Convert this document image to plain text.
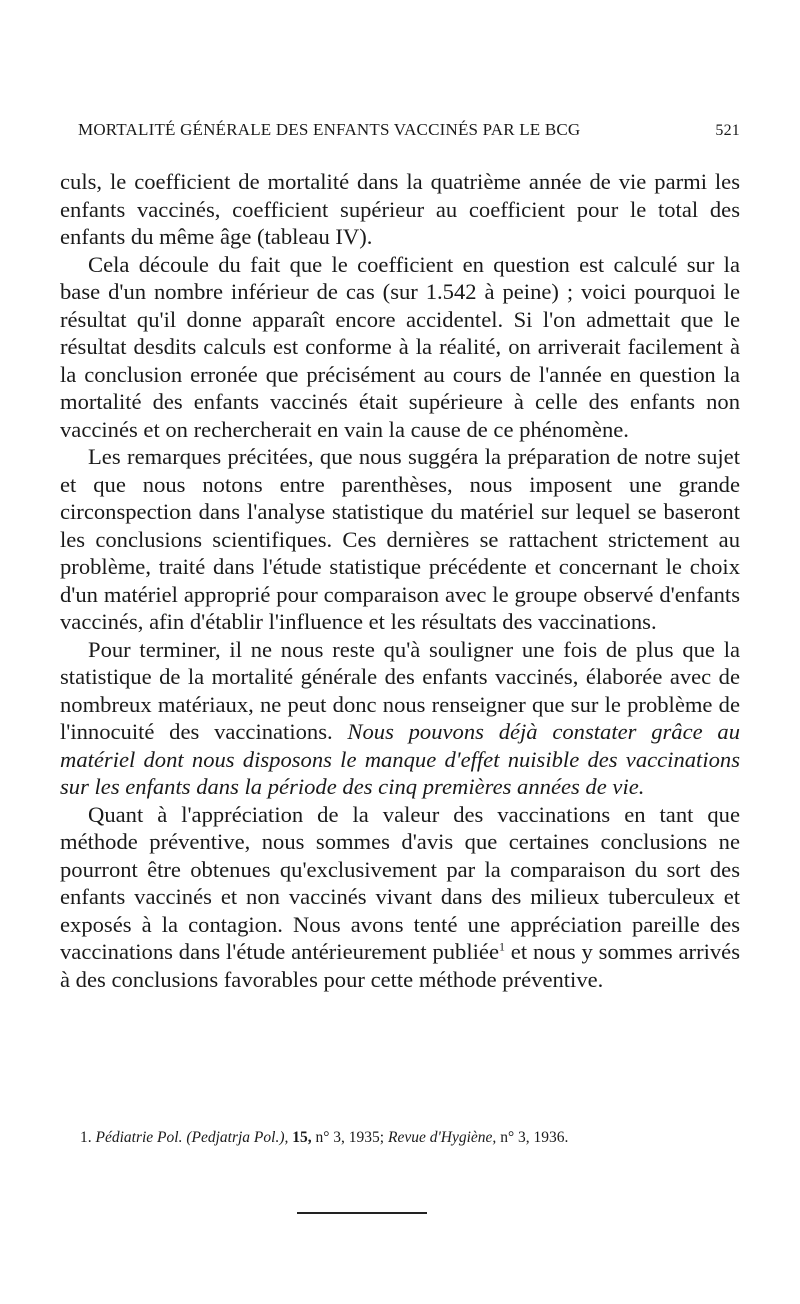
MORTALITÉ GÉNÉRALE DES ENFANTS VACCINÉS PAR LE BCG	521

culs, le coefficient de mortalité dans la quatrième année de vie parmi les enfants vaccinés, coefficient supérieur au coefficient pour le total des enfants du même âge (tableau IV).

Cela découle du fait que le coefficient en question est calculé sur la base d'un nombre inférieur de cas (sur 1.542 à peine) ; voici pourquoi le résultat qu'il donne apparaît encore accidentel. Si l'on admettait que le résultat desdits calculs est conforme à la réalité, on arriverait facilement à la conclusion erronée que précisément au cours de l'année en question la mortalité des enfants vaccinés était supérieure à celle des enfants non vaccinés et on rechercherait en vain la cause de ce phénomène.

Les remarques précitées, que nous suggéra la préparation de notre sujet et que nous notons entre parenthèses, nous imposent une grande circonspection dans l'analyse statistique du matériel sur lequel se baseront les conclusions scientifiques. Ces dernières se rattachent strictement au problème, traité dans l'étude statistique précédente et concernant le choix d'un matériel approprié pour comparaison avec le groupe observé d'enfants vaccinés, afin d'établir l'influence et les résultats des vaccinations.

Pour terminer, il ne nous reste qu'à souligner une fois de plus que la statistique de la mortalité générale des enfants vaccinés, élaborée avec de nombreux matériaux, ne peut donc nous renseigner que sur le problème de l'innocuité des vaccinations. Nous pouvons déjà constater grâce au matériel dont nous disposons le manque d'effet nuisible des vaccinations sur les enfants dans la période des cinq premières années de vie.

Quant à l'appréciation de la valeur des vaccinations en tant que méthode préventive, nous sommes d'avis que certaines conclusions ne pourront être obtenues qu'exclusivement par la comparaison du sort des enfants vaccinés et non vaccinés vivant dans des milieux tuberculeux et exposés à la contagion. Nous avons tenté une appréciation pareille des vaccinations dans l'étude antérieurement publiée$^1$ et nous y sommes arrivés à des conclusions favorables pour cette méthode préventive.

1. Pédiatrie Pol. (Pedjatrja Pol.), 15, n° 3, 1935; Revue d'Hygiène, n° 3, 1936.
